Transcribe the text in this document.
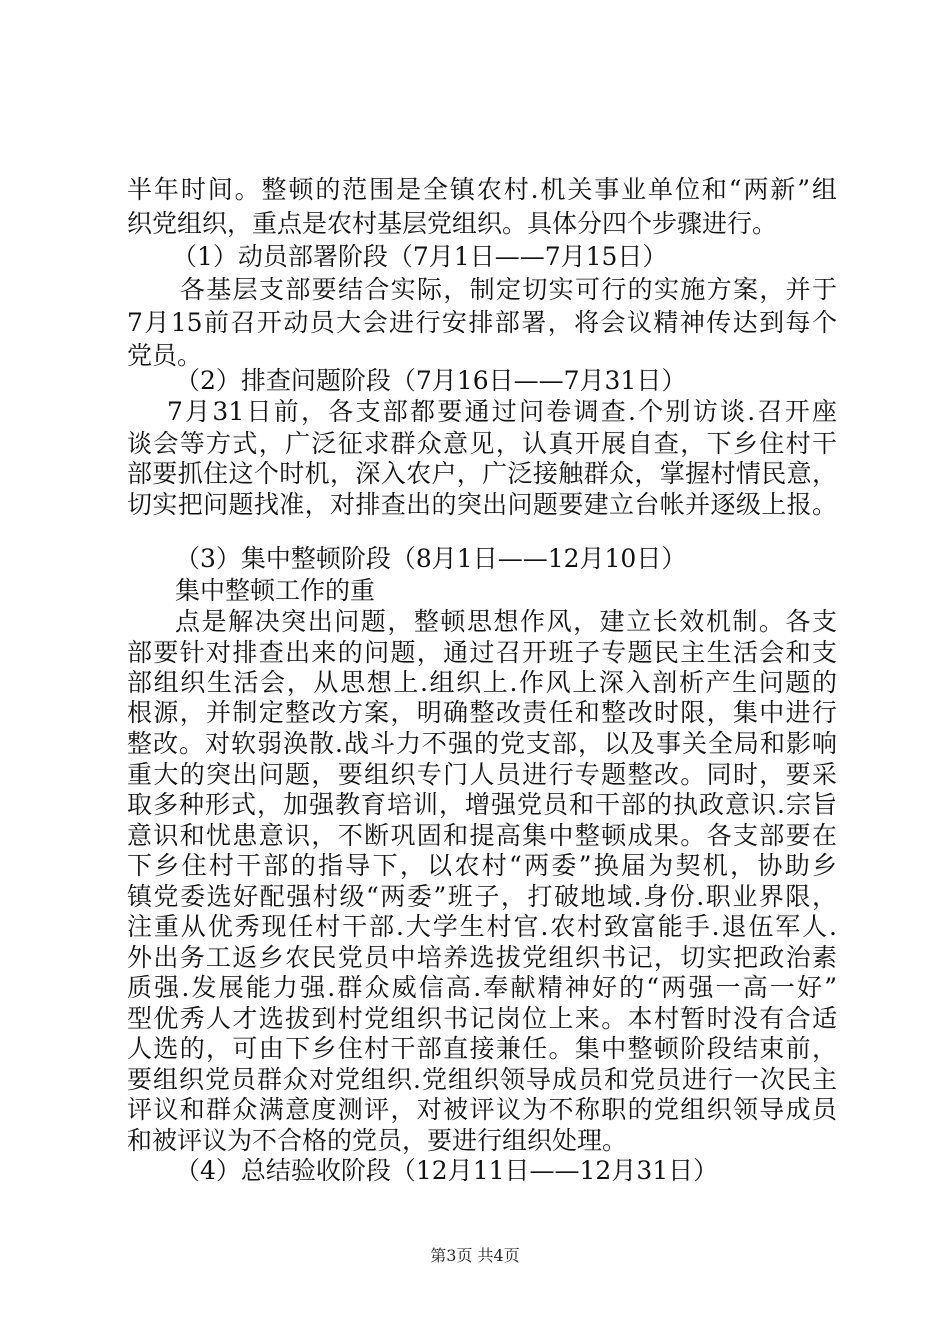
半年时间。整顿的范围是全镇农村.机关事业单位和“两新”组
织党组织，重点是农村基层党组织。具体分四个步骤进行。
（1）动员部署阶段（7月1日——7月15日）
各基层支部要结合实际，制定切实可行的实施方案，并于
7月15前召开动员大会进行安排部署，将会议精神传达到每个
党员。
（2）排查问题阶段（7月16日——7月31日）
7月31日前，各支部都要通过问卷调查.个别访谈.召开座
谈会等方式，广泛征求群众意见，认真开展自查，下乡住村干
部要抓住这个时机，深入农户，广泛接触群众，掌握村情民意，
切实把问题找准，对排查出的突出问题要建立台帐并逐级上报。
（3）集中整顿阶段（8月1日——12月10日）
集中整顿工作的重
点是解决突出问题，整顿思想作风，建立长效机制。各支
部要针对排查出来的问题，通过召开班子专题民主生活会和支
部组织生活会，从思想上.组织上.作风上深入剖析产生问题的
根源，并制定整改方案，明确整改责任和整改时限，集中进行
整改。对软弱涣散.战斗力不强的党支部，以及事关全局和影响
重大的突出问题，要组织专门人员进行专题整改。同时，要采
取多种形式，加强教育培训，增强党员和干部的执政意识.宗旨
意识和忧患意识，不断巩固和提高集中整顿成果。各支部要在
下乡住村干部的指导下，以农村“两委”换届为契机，协助乡
镇党委选好配强村级“两委”班子，打破地域.身份.职业界限，
注重从优秀现任村干部.大学生村官.农村致富能手.退伍军人.
外出务工返乡农民党员中培养选拔党组织书记，切实把政治素
质强.发展能力强.群众威信高.奉献精神好的“两强一高一好”
型优秀人才选拔到村党组织书记岗位上来。本村暂时没有合适
人选的，可由下乡住村干部直接兼任。集中整顿阶段结束前，
要组织党员群众对党组织.党组织领导成员和党员进行一次民主
评议和群众满意度测评，对被评议为不称职的党组织领导成员
和被评议为不合格的党员，要进行组织处理。
（4）总结验收阶段（12月11日——12月31日）
第3页 共4页
